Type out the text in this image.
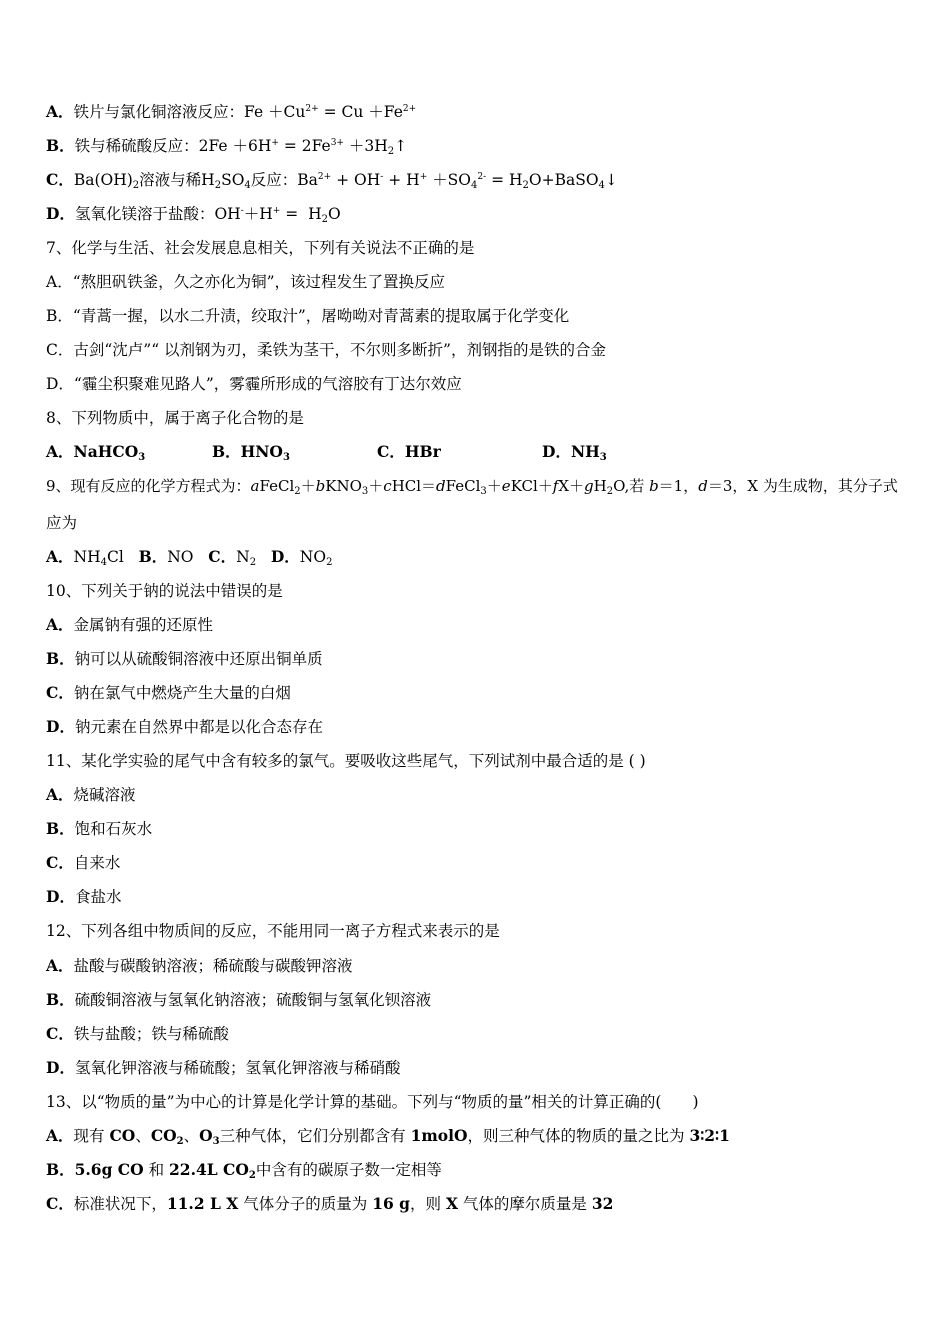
A．铁片与氯化铜溶液反应：$Fe +Cu^{2+} = Cu +Fe^{2+}$
B．铁与稀硫酸反应：$2Fe +6H^+ = 2Fe^{3+}$ $+3H_2↑$
C．$Ba(OH)_2$溶液与稀$H_2SO_4$反应：$Ba^{2+} + OH^- + H^+ +SO_4^{2-}$ = $H_2O+BaSO_4↓$
D．氢氧化镁溶于盐酸：$OH^-+H^+ = H_2O$
7、化学与生活、社会发展息息相关，下列有关说法不正确的是
A．“熬胆矾铁釜，久之亦化为铜”，该过程发生了置换反应
B．“青蒿一握，以水二升渍，绞取汁”，屠呦呦对青蒿素的提取属于化学变化
C．古剑“沈卢”“ 以剂钢为刃，柔铁为茎干，不尔则多断折”，剂钢指的是铁的合金
D．“霾尘积聚难见路人”，雾霾所形成的气溶胶有丁达尔效应
8、下列物质中，属于离子化合物的是
A．NaHCO$_3$	B．$HNO_3$	C．HBr	D．$NH_3$
9、现有反应的化学方程式为：$aFeCl_2+bKNO_3+cHCl=dFeCl_3+eKCl+fX+gH_2O$,若 b＝1，d＝3，X 为生成物，其分子式
应为
A．$NH_4Cl$   B．NO C．$N_2$ D．$NO_2$
10、下列关于钠的说法中错误的是
A．金属钠有强的还原性
B．钠可以从硫酸铜溶液中还原出铜单质
C．钠在氯气中燃烧产生大量的白烟
D．钠元素在自然界中都是以化合态存在
11、某化学实验的尾气中含有较多的氯气。要吸收这些尾气，下列试剂中最合适的是 ( )
A．烧碱溶液
B．饱和石灰水
C．自来水
D．食盐水
12、下列各组中物质间的反应，不能用同一离子方程式来表示的是
A．盐酸与碳酸钠溶液；稀硫酸与碳酸钾溶液
B．硫酸铜溶液与氢氧化钠溶液；硫酸铜与氢氧化钡溶液
C．铁与盐酸；铁与稀硫酸
D．氢氧化钾溶液与稀硫酸；氢氧化钾溶液与稀硝酸
13、以“物质的量”为中心的计算是化学计算的基础。下列与“物质的量”相关的计算正确的(　　)
A．现有 CO、$CO_2$、$O_3$三种气体，它们分别都含有 1molO，则三种气体的物质的量之比为 3∶2∶1
B．5.6g CO 和 22.4L $CO_2$中含有的碳原子数一定相等
C．标准状况下，11.2 L X 气体分子的质量为 16 g，则 X 气体的摩尔质量是 32
